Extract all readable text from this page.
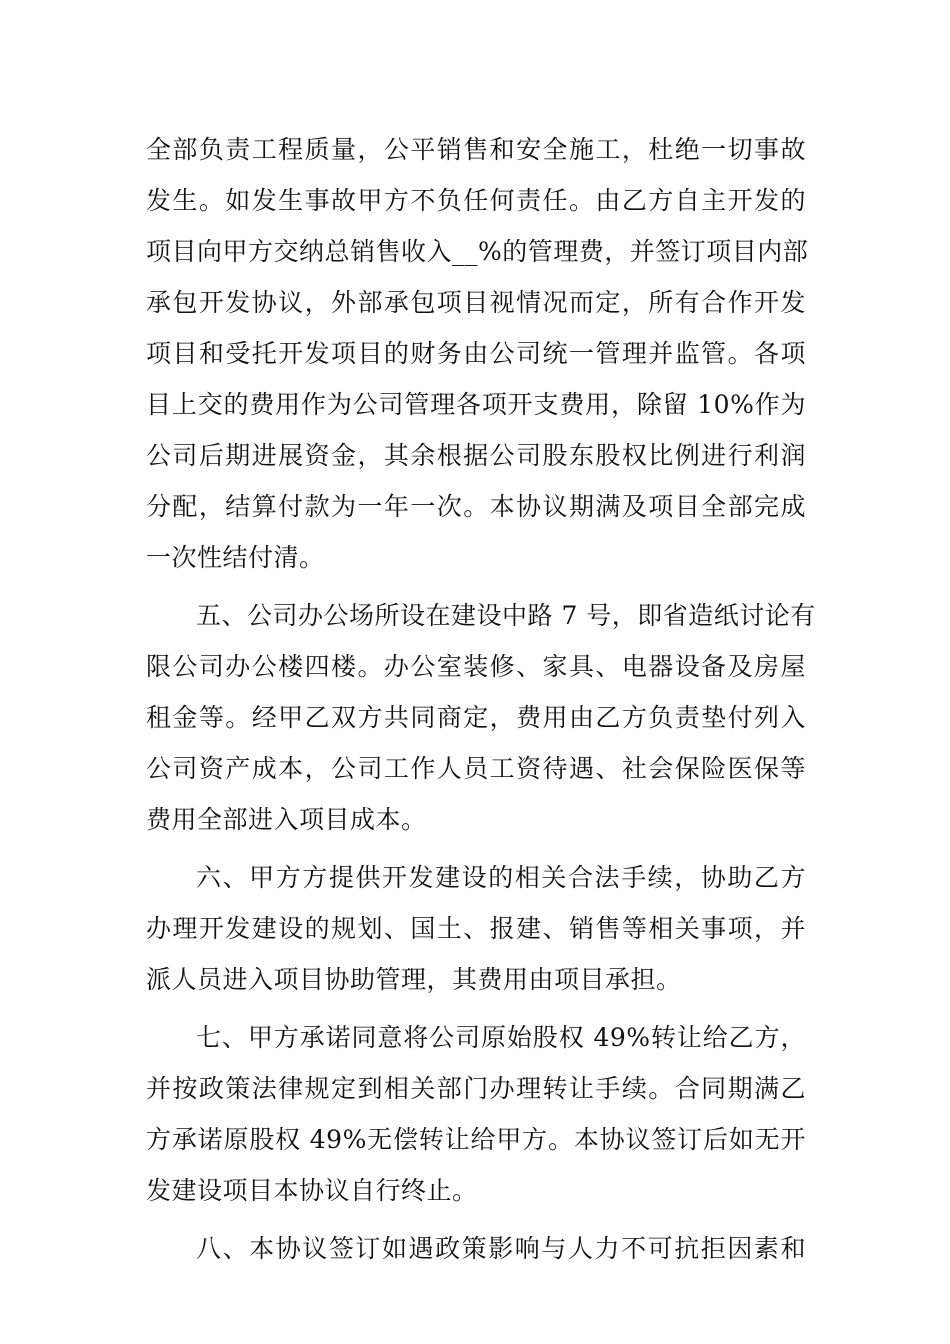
全部负责工程质量，公平销售和安全施工，杜绝一切事故
发生。如发生事故甲方不负任何责任。由乙方自主开发的
项目向甲方交纳总销售收入__%的管理费，并签订项目内部
承包开发协议，外部承包项目视情况而定，所有合作开发
项目和受托开发项目的财务由公司统一管理并监管。各项
目上交的费用作为公司管理各项开支费用，除留 10%作为
公司后期进展资金，其余根据公司股东股权比例进行利润
分配，结算付款为一年一次。本协议期满及项目全部完成
一次性结付清。
五、公司办公场所设在建设中路 7 号，即省造纸讨论有
限公司办公楼四楼。办公室装修、家具、电器设备及房屋
租金等。经甲乙双方共同商定，费用由乙方负责垫付列入
公司资产成本，公司工作人员工资待遇、社会保险医保等
费用全部进入项目成本。
六、甲方方提供开发建设的相关合法手续，协助乙方
办理开发建设的规划、国土、报建、销售等相关事项，并
派人员进入项目协助管理，其费用由项目承担。
七、甲方承诺同意将公司原始股权 49%转让给乙方，
并按政策法律规定到相关部门办理转让手续。合同期满乙
方承诺原股权 49%无偿转让给甲方。本协议签订后如无开
发建设项目本协议自行终止。
八、本协议签订如遇政策影响与人力不可抗拒因素和
